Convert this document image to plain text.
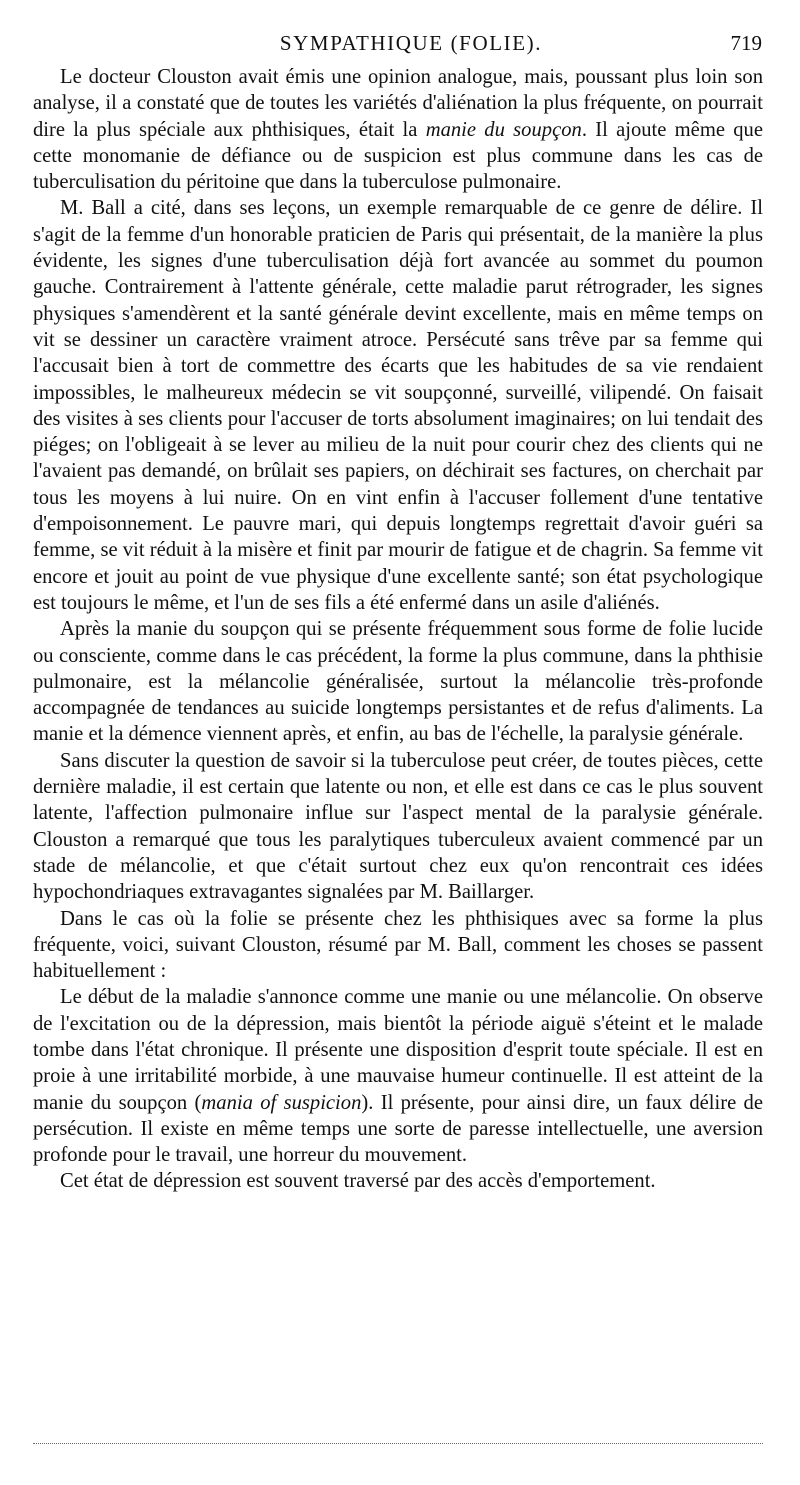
SYMPATHIQUE (FOLIE).	719

Le docteur Clouston avait émis une opinion analogue, mais, poussant plus loin son analyse, il a constaté que de toutes les variétés d'aliénation la plus fréquente, on pourrait dire la plus spéciale aux phthisiques, était la manie du soupçon. Il ajoute même que cette monomanie de défiance ou de suspicion est plus commune dans les cas de tuberculisation du péritoine que dans la tuberculose pulmonaire.

M. Ball a cité, dans ses leçons, un exemple remarquable de ce genre de délire. Il s'agit de la femme d'un honorable praticien de Paris qui présentait, de la manière la plus évidente, les signes d'une tuberculisation déjà fort avancée au sommet du poumon gauche. Contrairement à l'attente générale, cette maladie parut rétrograder, les signes physiques s'amendèrent et la santé générale devint excellente, mais en même temps on vit se dessiner un caractère vraiment atroce. Persécuté sans trêve par sa femme qui l'accusait bien à tort de commettre des écarts que les habitudes de sa vie rendaient impossibles, le malheureux médecin se vit soupçonné, surveillé, vilipendé. On faisait des visites à ses clients pour l'accuser de torts absolument imaginaires; on lui tendait des piéges; on l'obligeait à se lever au milieu de la nuit pour courir chez des clients qui ne l'avaient pas demandé, on brûlait ses papiers, on déchirait ses factures, on cherchait par tous les moyens à lui nuire. On en vint enfin à l'accuser follement d'une tentative d'empoisonnement. Le pauvre mari, qui depuis longtemps regrettait d'avoir guéri sa femme, se vit réduit à la misère et finit par mourir de fatigue et de chagrin. Sa femme vit encore et jouit au point de vue physique d'une excellente santé; son état psychologique est toujours le même, et l'un de ses fils a été enfermé dans un asile d'aliénés.

Après la manie du soupçon qui se présente fréquemment sous forme de folie lucide ou consciente, comme dans le cas précédent, la forme la plus commune, dans la phthisie pulmonaire, est la mélancolie généralisée, surtout la mélancolie très-profonde accompagnée de tendances au suicide longtemps persistantes et de refus d'aliments. La manie et la démence viennent après, et enfin, au bas de l'échelle, la paralysie générale.

Sans discuter la question de savoir si la tuberculose peut créer, de toutes pièces, cette dernière maladie, il est certain que latente ou non, et elle est dans ce cas le plus souvent latente, l'affection pulmonaire influe sur l'aspect mental de la paralysie générale. Clouston a remarqué que tous les paralytiques tuberculeux avaient commencé par un stade de mélancolie, et que c'était surtout chez eux qu'on rencontrait ces idées hypochondriaques extravagantes signalées par M. Baillarger.

Dans le cas où la folie se présente chez les phthisiques avec sa forme la plus fréquente, voici, suivant Clouston, résumé par M. Ball, comment les choses se passent habituellement :

Le début de la maladie s'annonce comme une manie ou une mélancolie. On observe de l'excitation ou de la dépression, mais bientôt la période aiguë s'éteint et le malade tombe dans l'état chronique. Il présente une disposition d'esprit toute spéciale. Il est en proie à une irritabilité morbide, à une mauvaise humeur continuelle. Il est atteint de la manie du soupçon (mania of suspicion). Il présente, pour ainsi dire, un faux délire de persécution. Il existe en même temps une sorte de paresse intellectuelle, une aversion profonde pour le travail, une horreur du mouvement.

Cet état de dépression est souvent traversé par des accès d'emportement.
